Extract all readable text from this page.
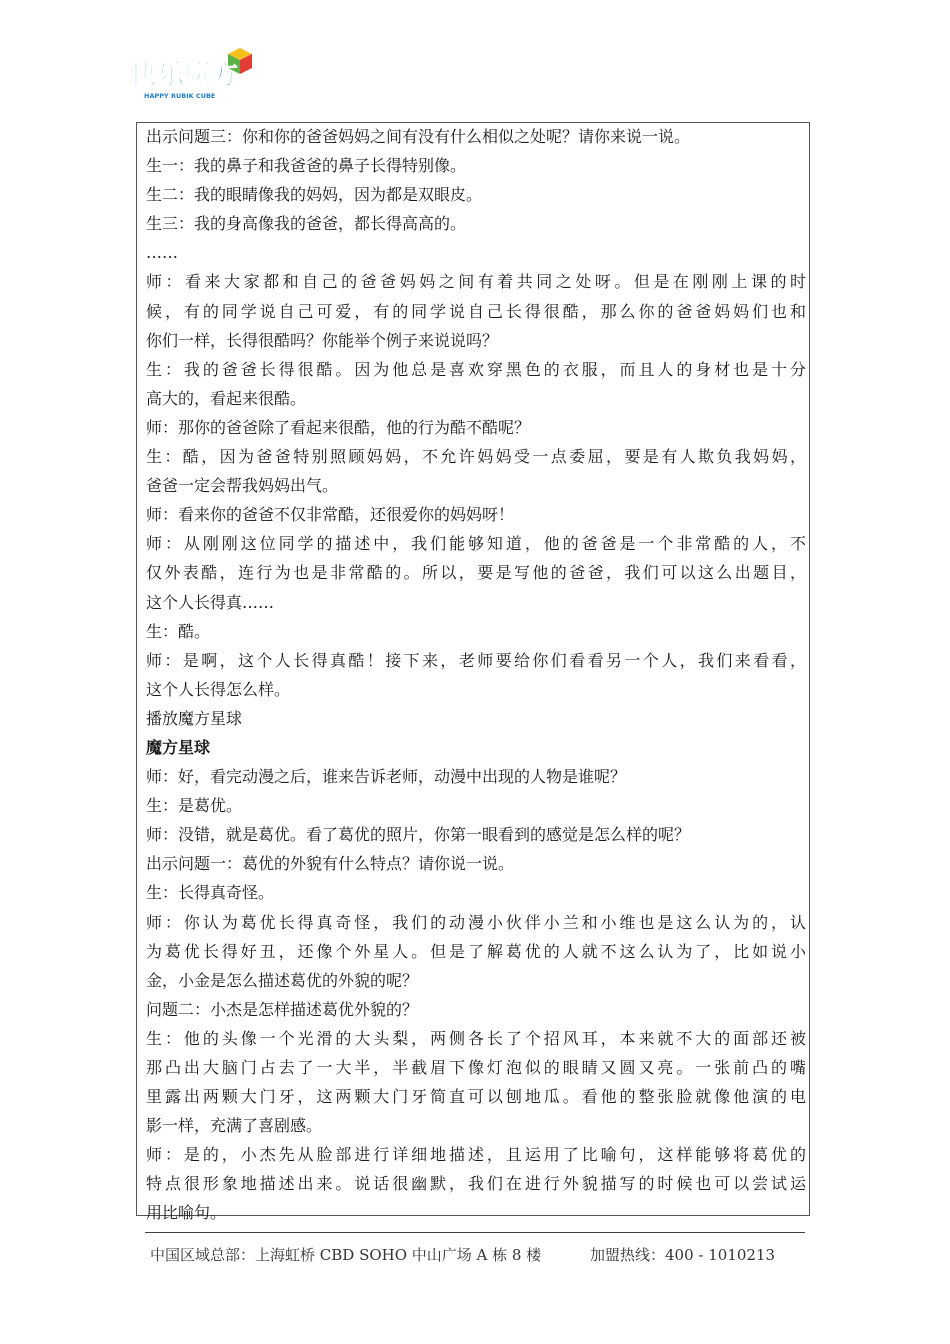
快乐魔方
HAPPY RUBIK CUBE
出示问题三：你和你的爸爸妈妈之间有没有什么相似之处呢？请你来说一说。
生一：我的鼻子和我爸爸的鼻子长得特别像。
生二：我的眼睛像我的妈妈，因为都是双眼皮。
生三：我的身高像我的爸爸，都长得高高的。
……
师：看来大家都和自己的爸爸妈妈之间有着共同之处呀。但是在刚刚上课的时
候，有的同学说自己可爱，有的同学说自己长得很酷，那么你的爸爸妈妈们也和
你们一样，长得很酷吗？你能举个例子来说说吗？
生：我的爸爸长得很酷。因为他总是喜欢穿黑色的衣服，而且人的身材也是十分
高大的，看起来很酷。
师：那你的爸爸除了看起来很酷，他的行为酷不酷呢？
生：酷，因为爸爸特别照顾妈妈，不允许妈妈受一点委屈，要是有人欺负我妈妈，
爸爸一定会帮我妈妈出气。
师：看来你的爸爸不仅非常酷，还很爱你的妈妈呀！
师：从刚刚这位同学的描述中，我们能够知道，他的爸爸是一个非常酷的人，不
仅外表酷，连行为也是非常酷的。所以，要是写他的爸爸，我们可以这么出题目，
这个人长得真……
生：酷。
师：是啊，这个人长得真酷！接下来，老师要给你们看看另一个人，我们来看看，
这个人长得怎么样。
播放魔方星球
魔方星球
师：好，看完动漫之后，谁来告诉老师，动漫中出现的人物是谁呢？
生：是葛优。
师：没错，就是葛优。看了葛优的照片，你第一眼看到的感觉是怎么样的呢？
出示问题一：葛优的外貌有什么特点？请你说一说。
生：长得真奇怪。
师：你认为葛优长得真奇怪，我们的动漫小伙伴小兰和小维也是这么认为的，认
为葛优长得好丑，还像个外星人。但是了解葛优的人就不这么认为了，比如说小
金，小金是怎么描述葛优的外貌的呢？
问题二：小杰是怎样描述葛优外貌的？
生：他的头像一个光滑的大头梨，两侧各长了个招风耳，本来就不大的面部还被
那凸出大脑门占去了一大半，半截眉下像灯泡似的眼睛又圆又亮。一张前凸的嘴
里露出两颗大门牙，这两颗大门牙简直可以刨地瓜。看他的整张脸就像他演的电
影一样，充满了喜剧感。
师：是的，小杰先从脸部进行详细地描述，且运用了比喻句，这样能够将葛优的
特点很形象地描述出来。说话很幽默，我们在进行外貌描写的时候也可以尝试运
用比喻句。
中国区域总部：上海虹桥 CBD SOHO 中山广场 A 栋 8 楼	加盟热线：400 - 1010213
